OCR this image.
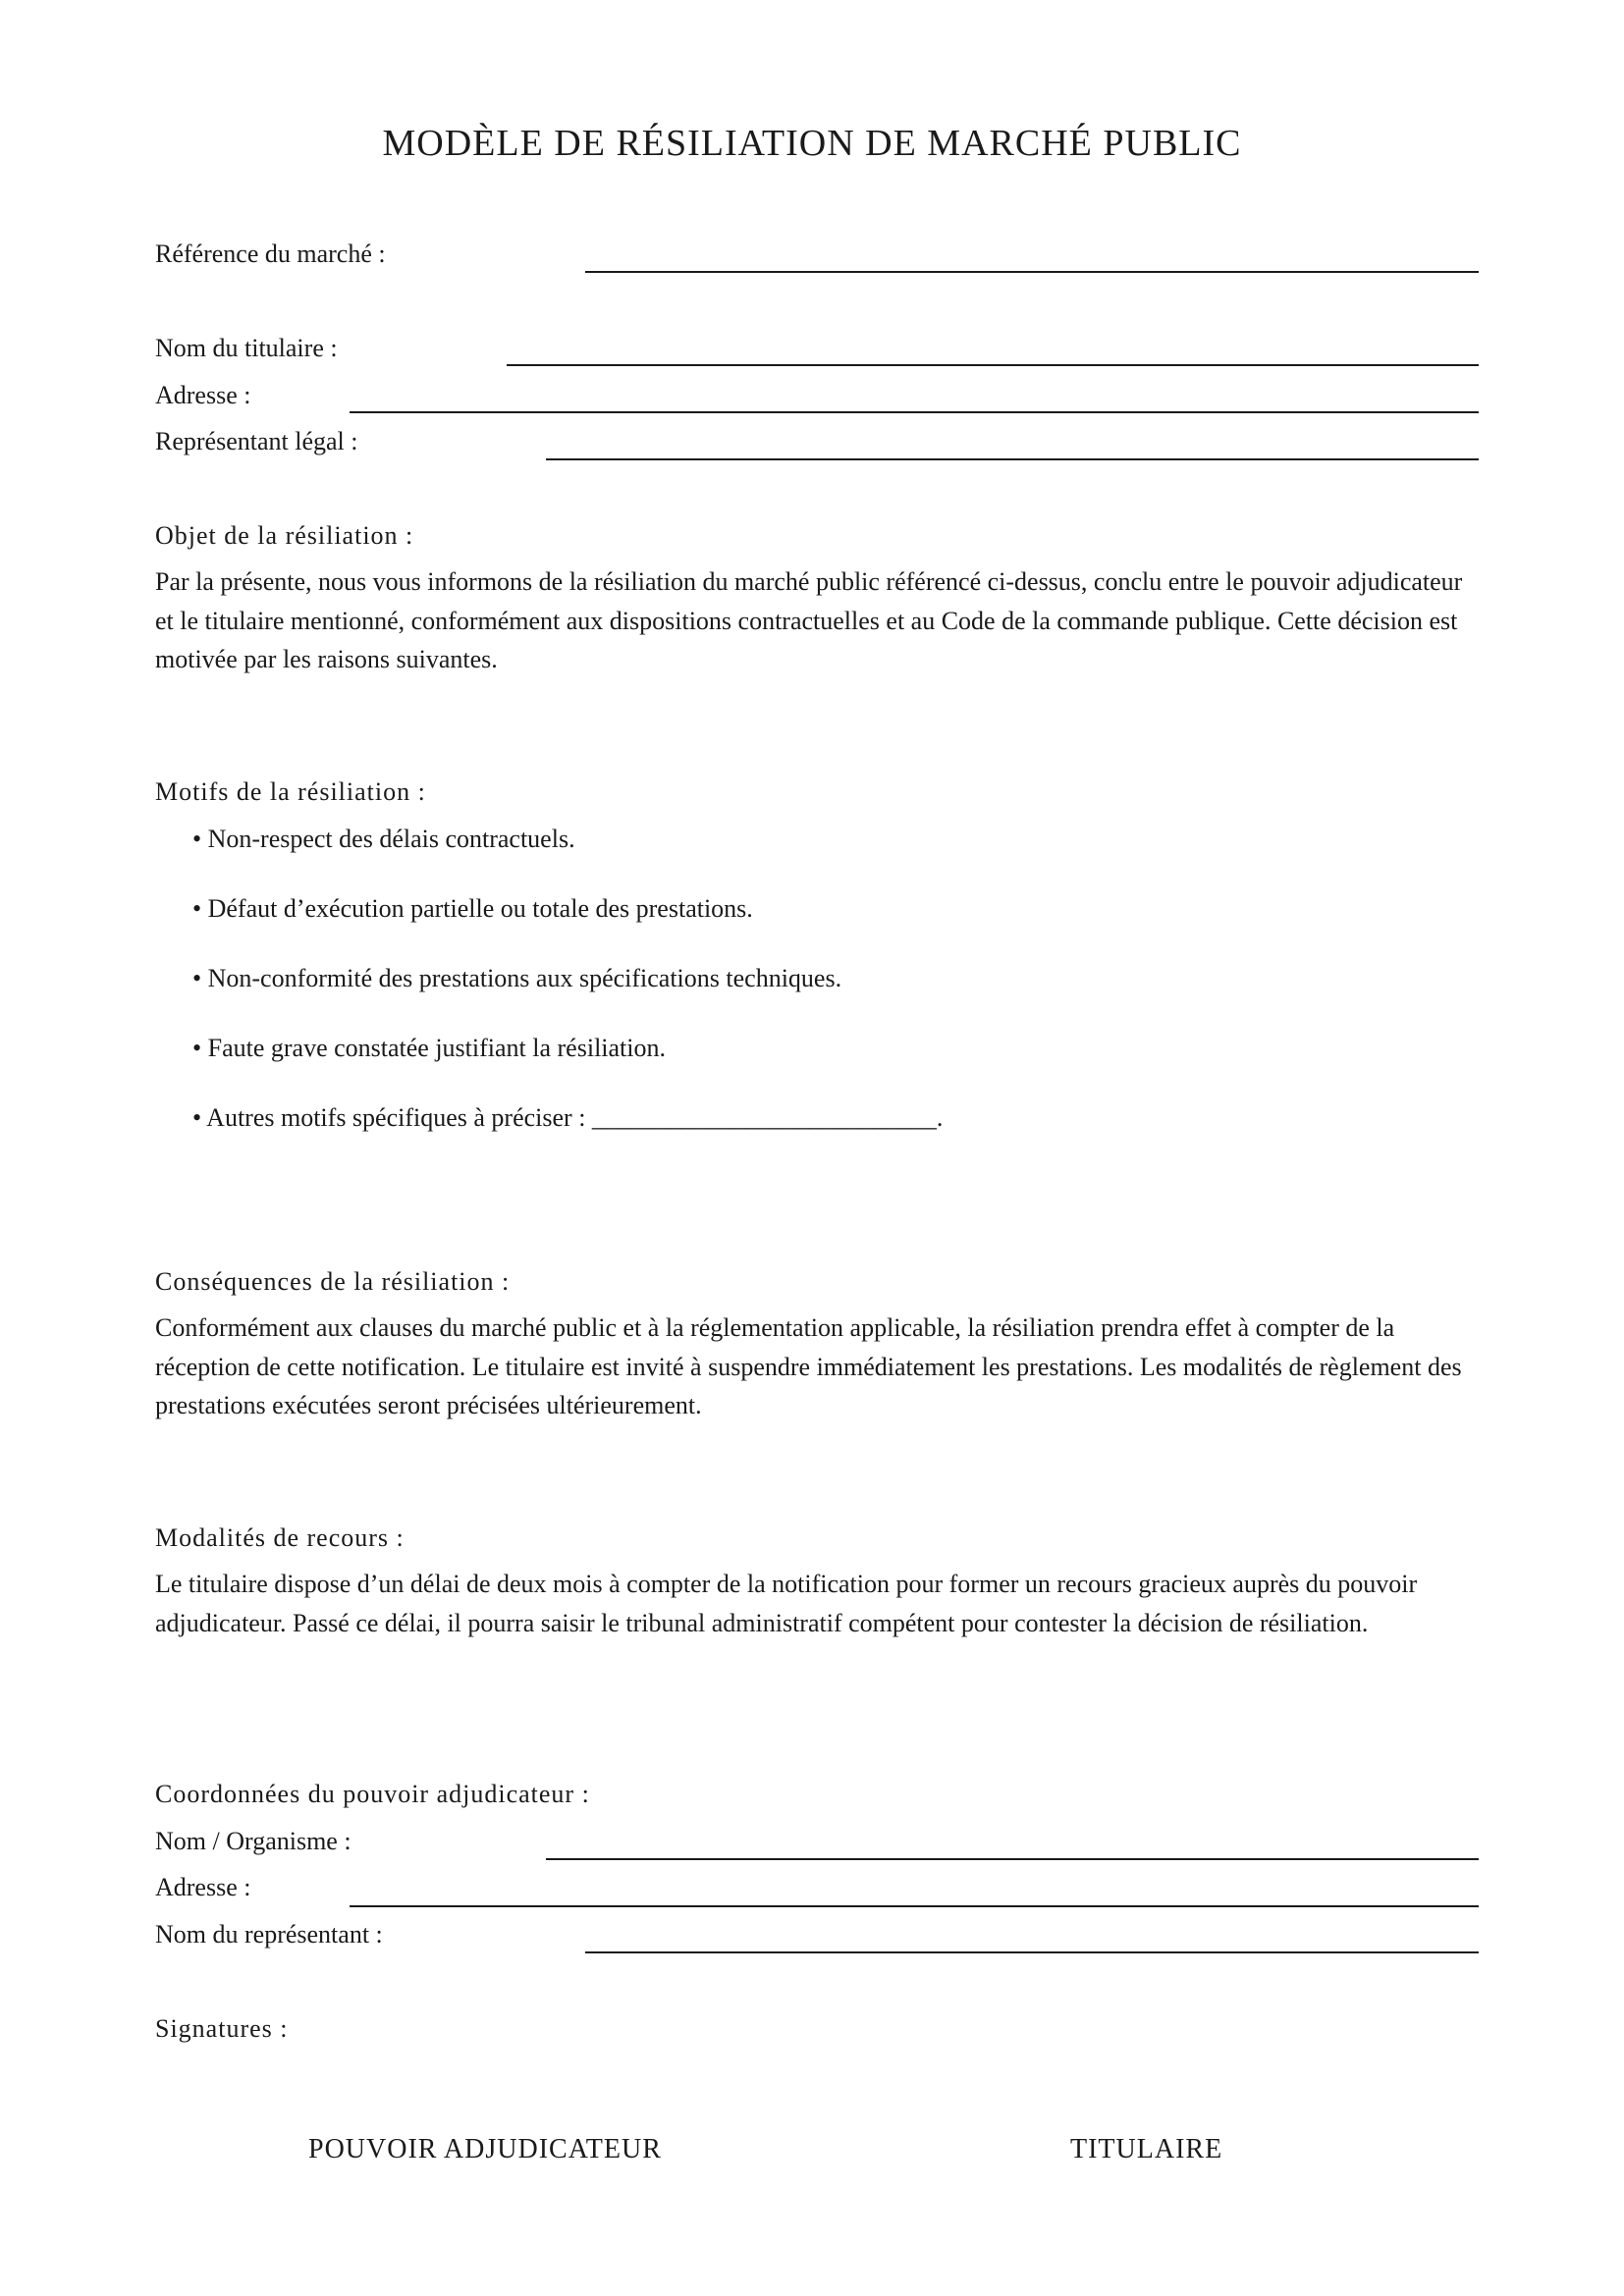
MODÈLE DE RÉSILIATION DE MARCHÉ PUBLIC
Référence du marché :
Nom du titulaire :
Adresse :
Représentant légal :
Objet de la résiliation :
Par la présente, nous vous informons de la résiliation du marché public référencé ci-dessus, conclu entre le pouvoir adjudicateur et le titulaire mentionné, conformément aux dispositions contractuelles et au Code de la commande publique. Cette décision est motivée par les raisons suivantes.
Motifs de la résiliation :
• Non-respect des délais contractuels.
• Défaut d’exécution partielle ou totale des prestations.
• Non-conformité des prestations aux spécifications techniques.
• Faute grave constatée justifiant la résiliation.
• Autres motifs spécifiques à préciser : ___________________________.
Conséquences de la résiliation :
Conformément aux clauses du marché public et à la réglementation applicable, la résiliation prendra effet à compter de la réception de cette notification. Le titulaire est invité à suspendre immédiatement les prestations. Les modalités de règlement des prestations exécutées seront précisées ultérieurement.
Modalités de recours :
Le titulaire dispose d’un délai de deux mois à compter de la notification pour former un recours gracieux auprès du pouvoir adjudicateur. Passé ce délai, il pourra saisir le tribunal administratif compétent pour contester la décision de résiliation.
Coordonnées du pouvoir adjudicateur :
Nom / Organisme :
Adresse :
Nom du représentant :
Signatures :
POUVOIR ADJUDICATEUR	TITULAIRE
